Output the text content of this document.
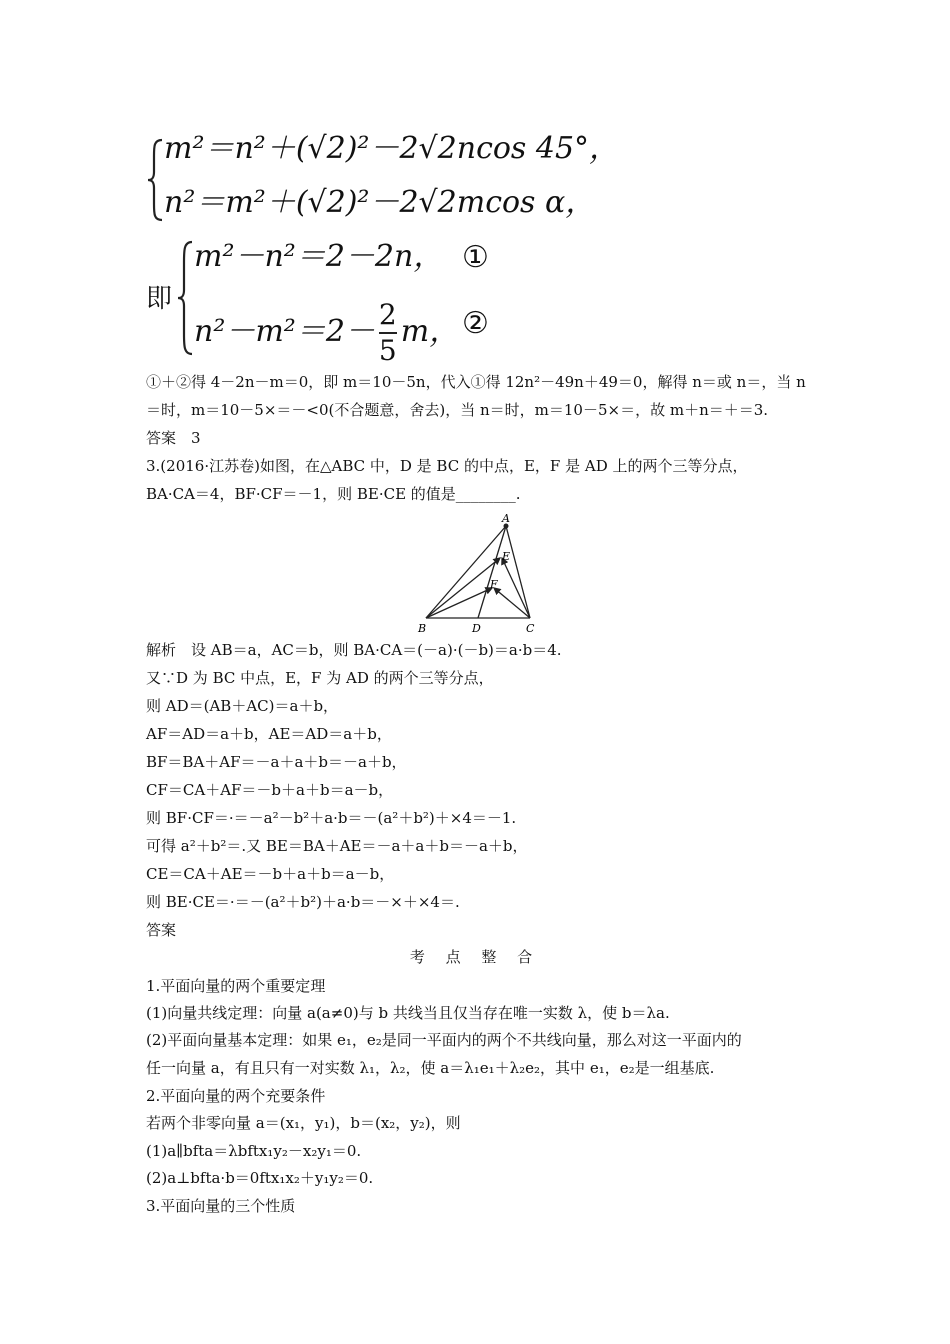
m²＝n²＋(√2)²－2√2ncos 45°，
n²＝m²＋(√2)²－2√2mcos α，
即
m²－n²＝2－2n， ①
$n^2-m^2=2- \frac{2}{5}$ m， ②
①＋②得 4－2n－m＝0，即 m＝10－5n，代入①得 12n²－49n＋49＝0，解得 n＝或 n＝，当 n
＝时，m＝10－5×＝－<0(不合题意，舍去)，当 n＝时，m＝10－5×＝，故 m＋n＝＋＝3.
答案　3
3.(2016·江苏卷)如图，在△ABC 中，D 是 BC 的中点，E，F 是 AD 上的两个三等分点，
BA·CA＝4，BF·CF＝－1，则 BE·CE 的值是________.
A
E
F
B	D	C
解析　设 AB＝a，AC＝b，则 BA·CA＝(－a)·(－b)＝a·b＝4.
又∵D 为 BC 中点，E，F 为 AD 的两个三等分点，
则 AD＝(AB＋AC)＝a＋b，
AF＝AD＝a＋b，AE＝AD＝a＋b，
BF＝BA＋AF＝－a＋a＋b＝－a＋b，
CF＝CA＋AF＝－b＋a＋b＝a－b，
则 BF·CF＝·＝－a²－b²＋a·b＝－(a²＋b²)＋×4＝－1.
可得 a²＋b²＝.又 BE＝BA＋AE＝－a＋a＋b＝－a＋b，
CE＝CA＋AE＝－b＋a＋b＝a－b，
则 BE·CE＝·＝－(a²＋b²)＋a·b＝－×＋×4＝.
答案
考 点 整 合
1.平面向量的两个重要定理
(1)向量共线定理：向量 a(a≠0)与 b 共线当且仅当存在唯一实数 λ，使 b＝λa.
(2)平面向量基本定理：如果 e₁，e₂是同一平面内的两个不共线向量，那么对这一平面内的
任一向量 a，有且只有一对实数 λ₁，λ₂，使 a＝λ₁e₁＋λ₂e₂，其中 e₁，e₂是一组基底.
2.平面向量的两个充要条件
若两个非零向量 a＝(x₁，y₁)，b＝(x₂，y₂)，则
(1)a∥bftа＝λbftx₁y₂－x₂y₁＝0.
(2)a⊥bftа·b＝0ftx₁x₂＋y₁y₂＝0.
3.平面向量的三个性质
